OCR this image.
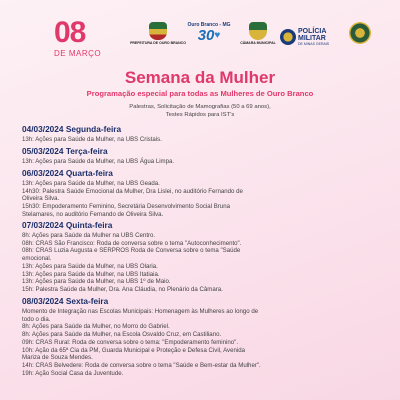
08
DE MARÇO
PREFEITURA DE OURO BRANCO
Ouro Branco - MG
30 ♥
CÂMARA MUNICIPAL
POLÍCIA
MILITAR
DE MINAS GERAIS
Semana da Mulher
Programação especial para todas as Mulheres de Ouro Branco
Palestras, Solicitação de Mamografias (50 a 69 anos),
Testes Rápidos para IST's
04/03/2024 Segunda-feira
13h: Ações para Saúde da Mulher, na UBS Cristais.
05/03/2024 Terça-feira
13h: Ações para Saúde da Mulher, na UBS Água Limpa.
06/03/2024 Quarta-feira
13h: Ações para Saúde da Mulher, na UBS Geada.
14h30: Palestra Saúde Emocional da Mulher, Dra Lislei, no auditório Fernando de
Oliveira Silva.
15h30: Empoderamento Feminino, Secretária Desenvolvimento Social Bruna
Stelamares, no auditório Fernando de Oliveira Silva.
07/03/2024 Quinta-feira
8h: Ações para Saúde da Mulher na UBS Centro.
08h: CRAS São Francisco: Roda de conversa sobre o tema "Autoconhecimento".
08h: CRAS Luzia Augusta e SERPROS Roda de Conversa sobre o tema "Saúde
emocional.
13h: Ações para Saúde da Mulher, na UBS Olaria.
13h: Ações para Saúde da Mulher, na UBS Itatiaia.
13h: Ações para Saúde da Mulher, na UBS 1º de Maio.
15h: Palestra Saúde da Mulher, Dra. Ana Cláudia, no Plenário da Câmara.
08/03/2024 Sexta-feira
Momento de Integração nas Escolas Municipais: Homenagem às Mulheres ao longo de
todo o dia.
8h: Ações para Saúde da Mulher, no Morro do Gabriel.
8h: Ações para Saúde da Mulher, na Escola Osvaldo Cruz, em Castiliano.
09h: CRAS Rural: Roda de conversa sobre o tema: "Empoderamento feminino".
10h: Ação da 65ª Cia da PM, Guarda Municipal e Proteção e Defesa Civil, Avenida
Mariza de Souza Mendes.
14h: CRAS Belvedere: Roda de conversa sobre o tema "Saúde e Bem-estar da Mulher".
19h: Ação Social Casa da Juventude.
